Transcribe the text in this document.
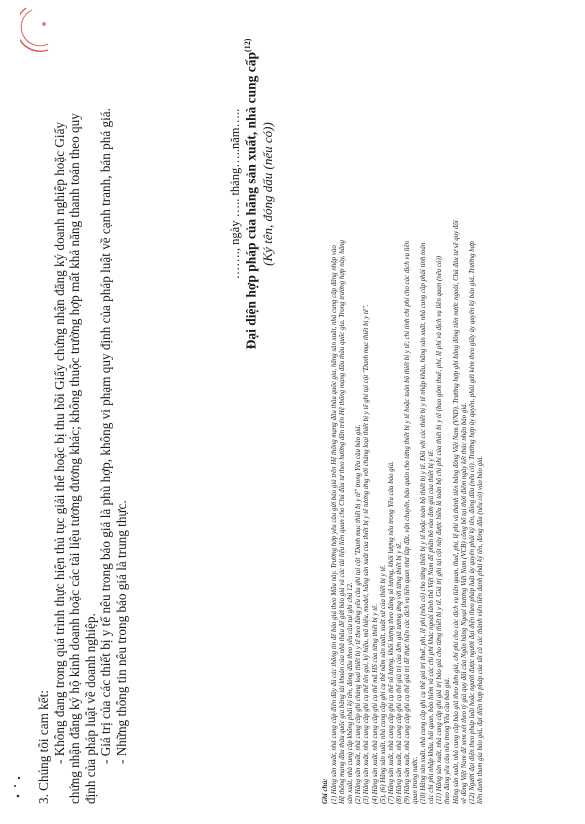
3. Chúng tôi cam kết: - Không đang trong quá trình thực hiện thủ tục giải thể hoặc bị thu hồi Giấy chứng nhận đăng ký doanh nghiệp hoặc Giấy chứng nhận đăng ký hộ kinh doanh hoặc các tài liệu tương đương khác; không thuộc trường hợp mất khả năng thanh toán theo quy định của pháp luật về doanh nghiệp. - Giá trị của các thiết bị y tế nêu trong báo giá là phù hợp, không vi phạm quy định của pháp luật về cạnh tranh, bán phá giá. - Những thông tin nêu trong báo giá là trung thực.

……., ngày ….. tháng…..năm….. Đại diện hợp pháp của hãng sản xuất, nhà cung cấp$^{(12)}$
(Ký tên, đóng dấu (nếu có))
Ghi chú: (1) Hãng sản xuất, nhà cung cấp điền đầy đủ các thông tin để báo giá theo Mẫu này. Trường hợp yêu cầu gửi báo giá trên Hệ thống mạng đấu thầu quốc gia, hãng sản xuất, nhà cung cấp đăng nhập vào Hệ thống mạng đấu thầu quốc gia bằng tài khoản của nhà thầu để gửi báo giá và các tài liệu liên quan cho Chủ đầu tư theo hướng dẫn trên Hệ thống mạng đấu thầu quốc gia. Trong trường hợp này, hãng sản xuất, nhà cung cấp không phải ký tên, đóng dấu theo yêu cầu tại ghi chú 12. (2) Hãng sản xuất, nhà cung cấp ghi chủng loại thiết bị y tế theo đúng yêu cầu ghi tại cột "Danh mục thiết bị y tế" trong Yêu cầu báo giá. (3) Hãng sản xuất, nhà cung cấp ghi cụ thể tên gọi, ký hiệu, mã hiệu, model, hãng sản xuất của thiết bị y tế tương ứng với chủng loại thiết bị y tế ghi tại cột "Danh mục thiết bị y tế". (4) Hãng sản xuất, nhà cung cấp ghi cụ thể mã HS của từng thiết bị y tế. (5), (6) Hãng sản xuất, nhà cung cấp ghi cụ thể năm sản xuất, xuất xứ của thiết bị y tế. (7) Hãng sản xuất, nhà cung cấp ghi cụ thể số lượng, khối lượng theo đúng số lượng, khối lượng nêu trong Yêu cầu báo giá. (8) Hãng sản xuất, nhà cung cấp ghi cụ thể giá trị của đơn giá tương ứng với từng thiết bị y tế. (9) Hãng sản xuất, nhà cung cấp ghi cụ thể giá trị để thực hiện các dịch vụ liên quan như lắp đặt, vận chuyển, bảo quản cho từng thiết bị y tế hoặc toàn bộ thiết bị y tế; chi tính chi phí cho các dịch vụ liên quan trong nước. (10) Hãng sản xuất, nhà cung cấp ghi cụ thể giá trị thuế, phí, lệ phí (nếu có) cho từng thiết bị y tế hoặc toàn bộ thiết bị y tế. Đối với các thiết bị y tế nhập khẩu, hãng sản xuất, nhà cung cấp phải tính toán các chi phí nhập khẩu, hải quan, bảo hiểm và các chi phí khác ngoài lãnh thổ Việt Nam để phân bổ vào đơn giá của thiết bị y tế. (11) Hãng sản xuất, nhà cung cấp ghi giá trị báo giá cho từng thiết bị y tế. Giá trị ghi tại cột này được hiểu là toàn bộ chi phí của thiết bị y tế (bao gồm thuế, phí, lệ phí và dịch vụ liên quan (nếu có)) theo đúng yêu cầu nêu trong Yêu cầu báo giá. Hãng sản xuất, nhà cung cấp báo giá theo đơn giá, chi phí cho các dịch vụ liên quan, thuế, phí, lệ phí và thành tiền bằng đồng Việt Nam (VND). Trường hợp ghi bằng đồng tiền nước ngoài, Chủ đầu tư sẽ quy đổi về đồng Việt Nam để xem xét theo tỷ giá quy đổi của Ngân hàng Ngoại thương Việt Nam (VCB) công bố tại thời điểm ngày kết thúc nhận báo giá. (12) Người đại diện theo pháp luật hoặc người được người đại diện theo pháp luật ủy quyền phải ký tên, đóng dấu (nếu có). Trường hợp ủy quyền, phải gửi kèm theo giấy ủy quyền ký báo giá. Trường hợp liên danh tham gia báo giá, đại diện hợp pháp của tất cả các thành viên liên danh phải ký tên, đóng dấu (nếu có) vào báo giá.
